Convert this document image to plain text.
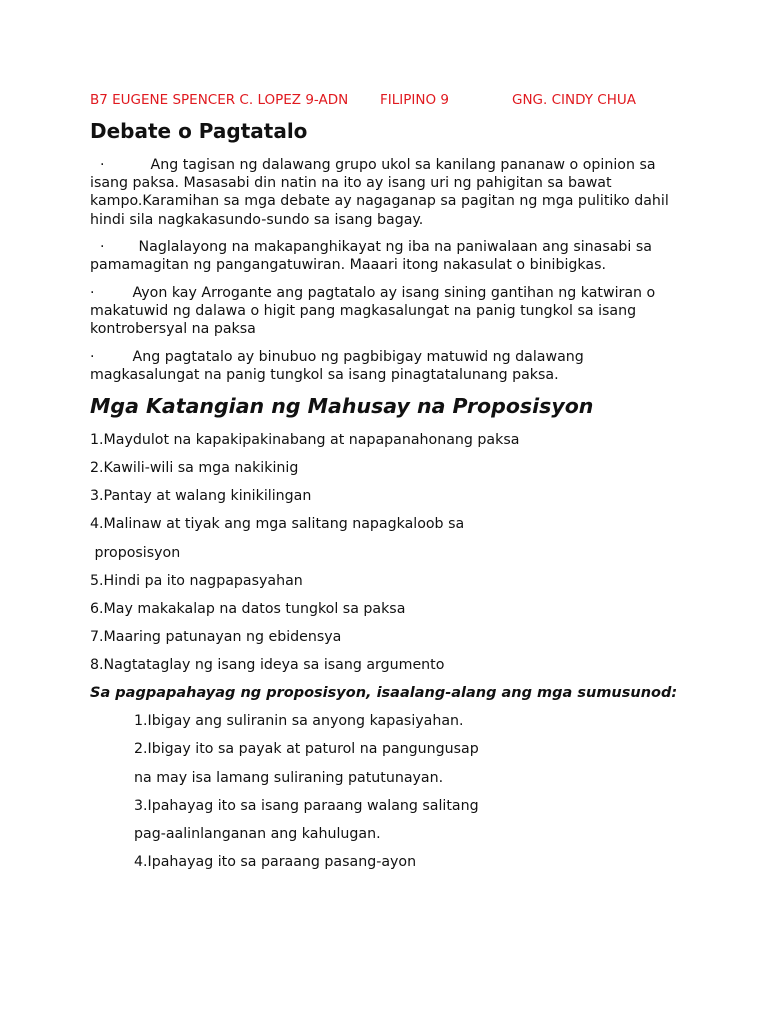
B7 EUGENE SPENCER C. LOPEZ 9-ADN FILIPINO 9	GNG. CINDY CHUA
Debate o Pagtatalo

·	Ang tagisan ng dalawang grupo ukol sa kanilang pananaw o opinion sa isang paksa. Masasabi din natin na ito ay isang uri ng pahigitan sa bawat kampo.Karamihan sa mga debate ay nagaganap sa pagitan ng mga pulitiko dahil hindi sila nagkakasundo-sundo sa isang bagay.

· Naglalayong na makapanghikayat ng iba na paniwalaan ang sinasabi sa pamamagitan ng pangangatuwiran. Maaari itong nakasulat o binibigkas.

·	Ayon kay Arrogante ang pagtatalo ay isang sining gantihan ng katwiran o makatuwid ng dalawa o higit pang magkasalungat na panig tungkol sa isang kontrobersyal na paksa

·	Ang pagtatalo ay binubuo ng pagbibigay matuwid ng dalawang magkasalungat na panig tungkol sa isang pinagtatalunang paksa.

Mga Katangian ng Mahusay na Proposisyon
1.Maydulot na kapakipakinabang at napapanahonang paksa
2.Kawili-wili sa mga nakikinig
3.Pantay at walang kinikilingan
4.Malinaw at tiyak ang mga salitang napagkaloob sa
proposisyon
5.Hindi pa ito nagpapasyahan
6.May makakalap na datos tungkol sa paksa
7.Maaring patunayan ng ebidensya
8.Nagtataglay ng isang ideya sa isang argumento
Sa pagpapahayag ng proposisyon, isaalang-alang ang mga sumusunod:
1.Ibigay ang suliranin sa anyong kapasiyahan.
2.Ibigay ito sa payak at paturol na pangungusap
na may isa lamang suliraning patutunayan.
3.Ipahayag ito sa isang paraang walang salitang
pag-aalinlanganan ang kahulugan.
4.Ipahayag ito sa paraang pasang-ayon
